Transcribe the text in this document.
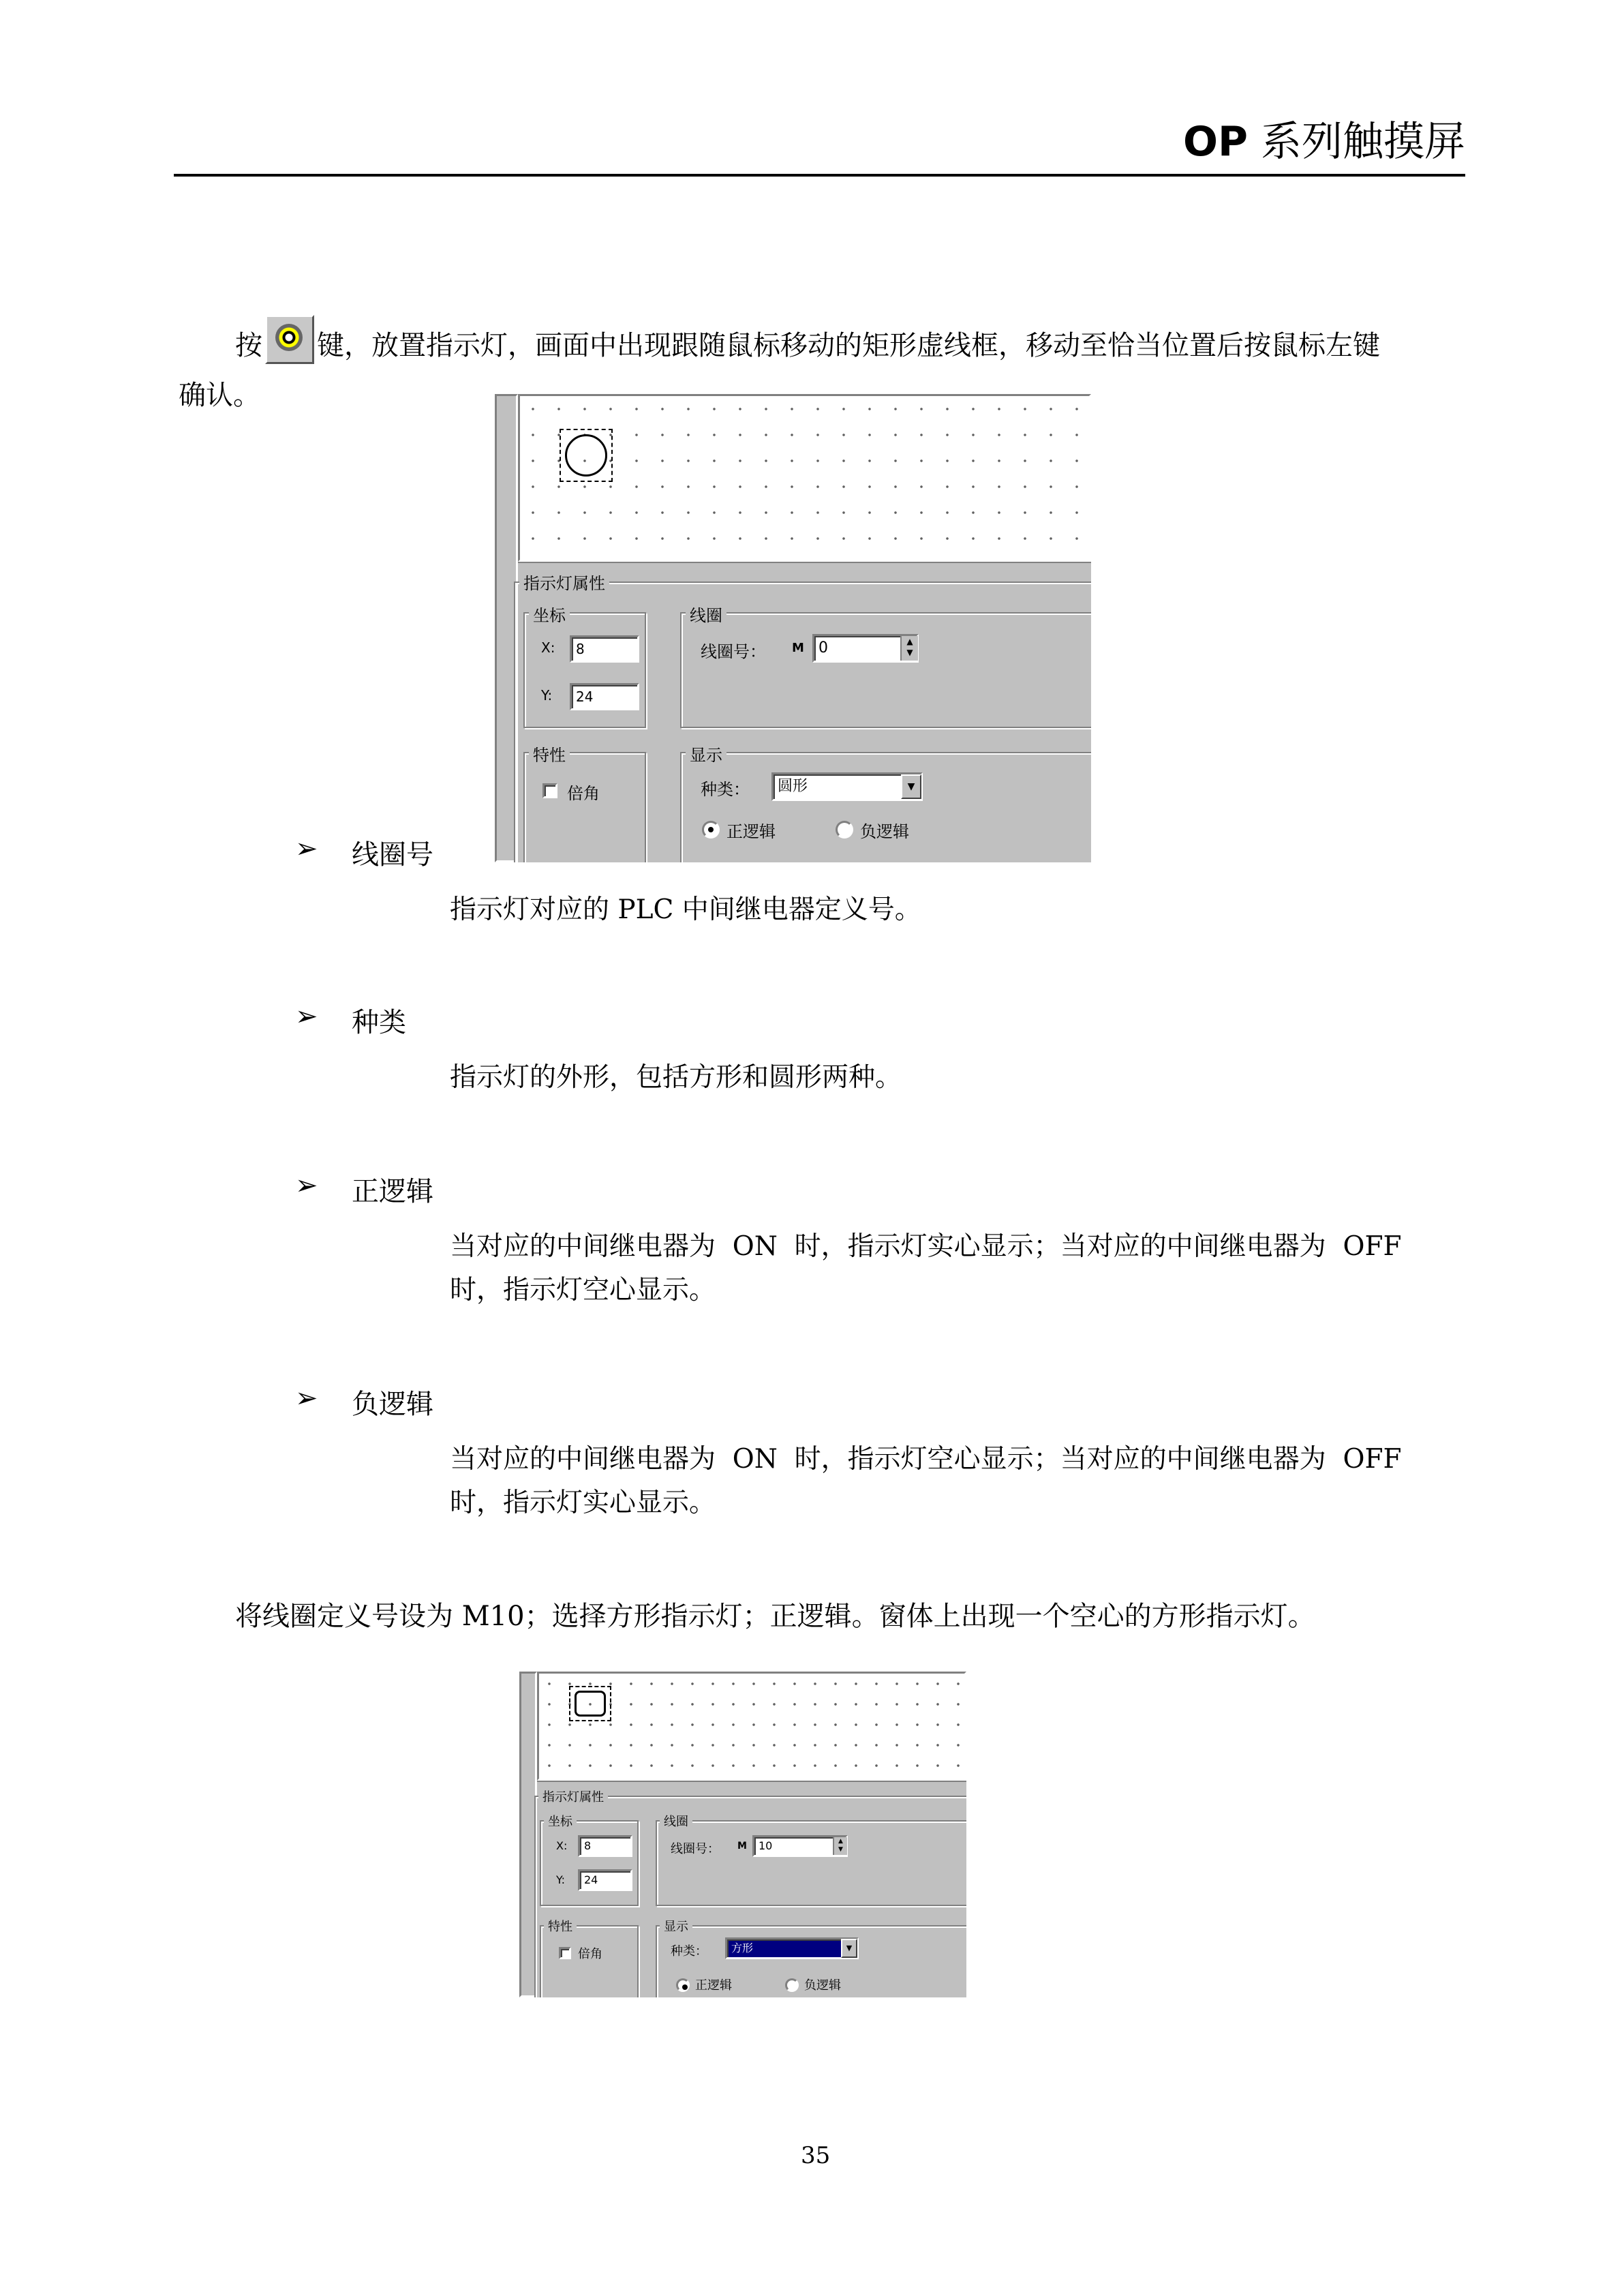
OP 系列触摸屏
按 键，放置指示灯，画面中出现跟随鼠标移动的矩形虚线框，移动至恰当位置后按鼠标左键
确认。
指示灯属性
坐标
X:	8
Y:	24
线圈
线圈号： M 0	▲
▼
特性
倍角
显示
种类：	圆形	▼
正逻辑	负逻辑
➢ 线圈号
指示灯对应的 PLC 中间继电器定义号。
➢ 种类
指示灯的外形，包括方形和圆形两种。
➢ 正逻辑
当对应的中间继电器为  ON  时，指示灯实心显示；当对应的中间继电器为  OFF
时，指示灯空心显示。
➢ 负逻辑
当对应的中间继电器为  ON  时，指示灯空心显示；当对应的中间继电器为  OFF
时，指示灯实心显示。
将线圈定义号设为 M10；选择方形指示灯；正逻辑。窗体上出现一个空心的方形指示灯。
指示灯属性
坐标
X:	8
Y:	24
线圈
线圈号： M	10	▲
▼
特性
倍角
显示
种类：	方形	▼
正逻辑	负逻辑
35
